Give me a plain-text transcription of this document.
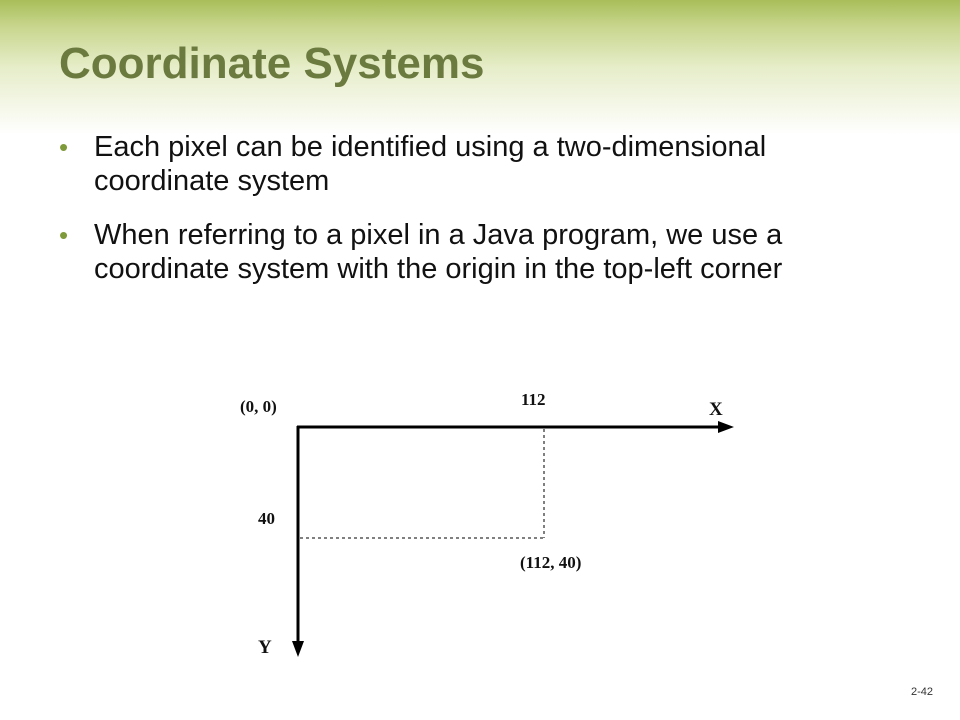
Coordinate Systems
• Each pixel can be identified using a two-dimensional coordinate system
• When referring to a pixel in a Java program, we use a coordinate system with the origin in the top-left corner
(0, 0)	112	X
40
(112, 40)
Y
2-42
